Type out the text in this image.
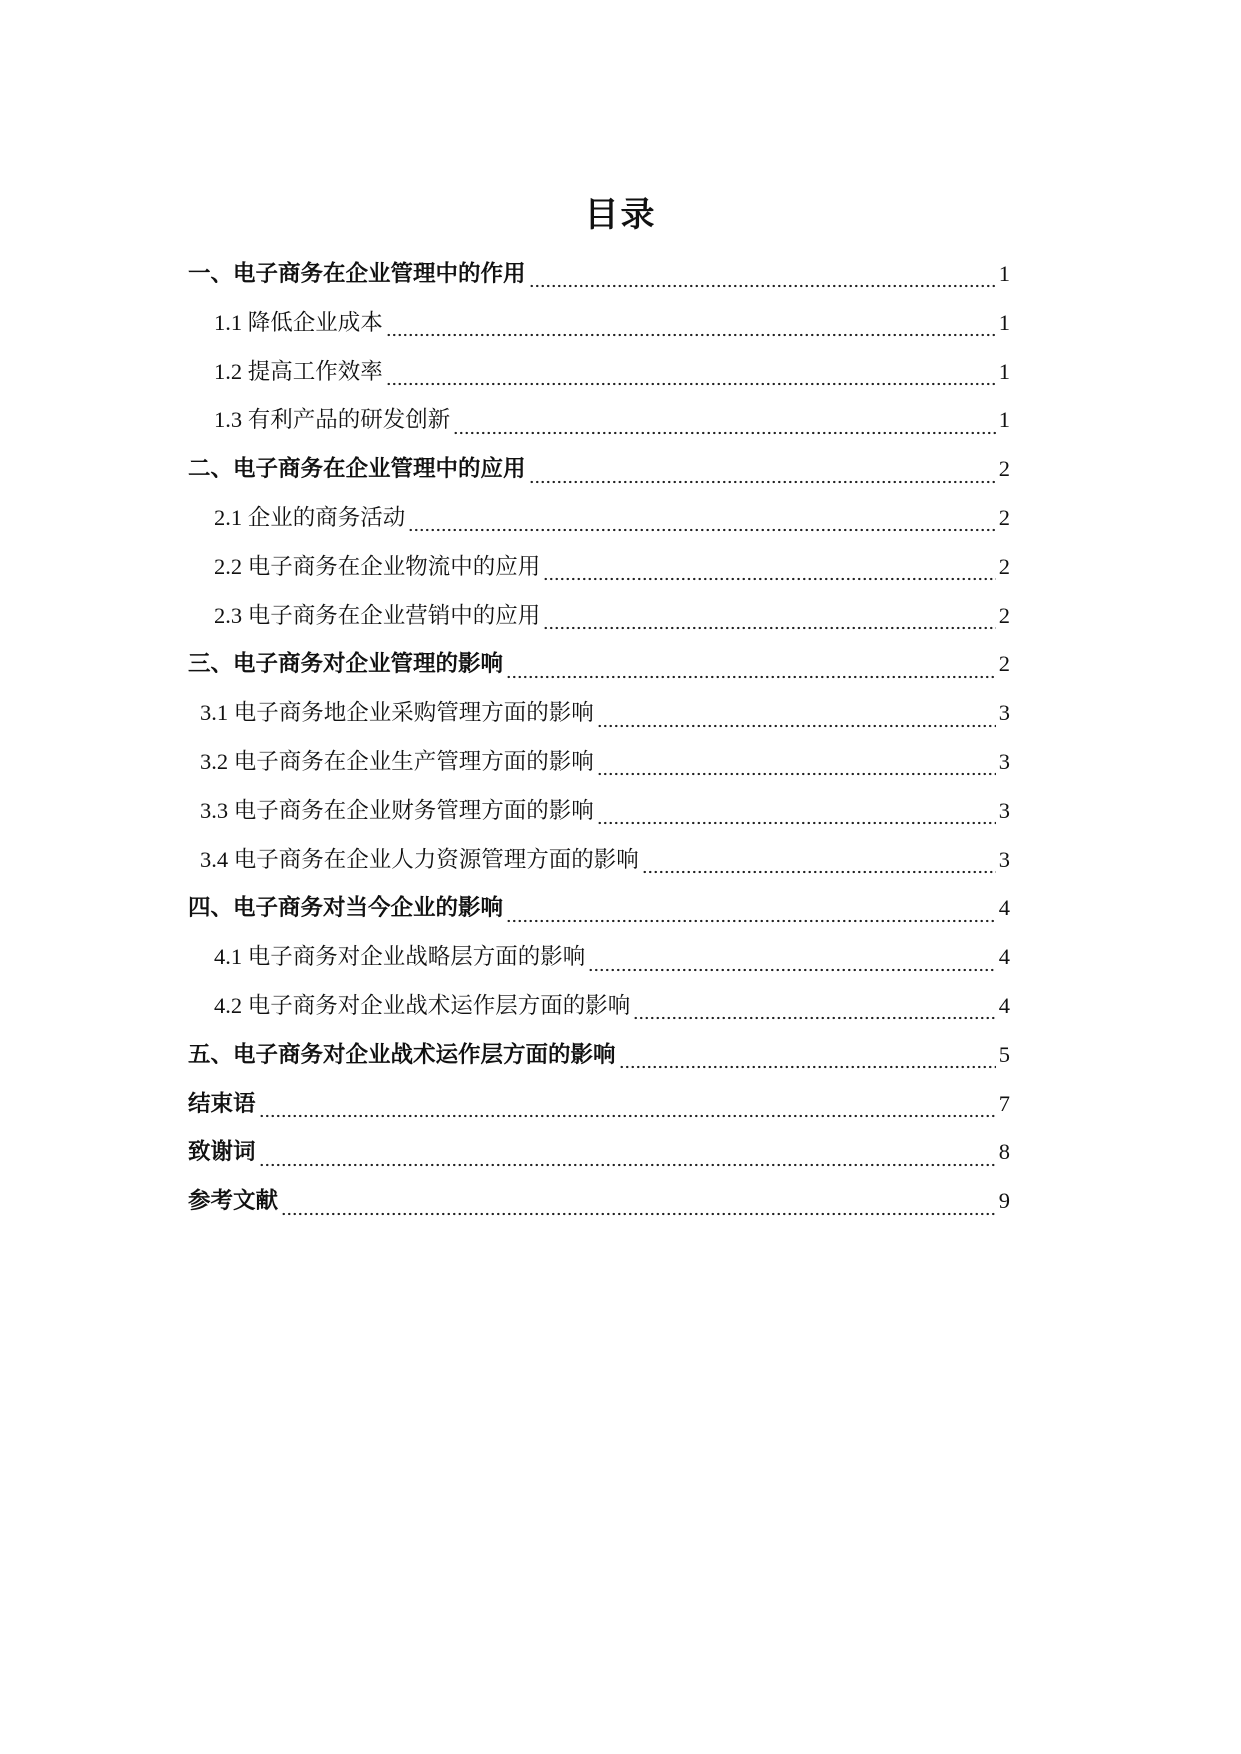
目录
一、电子商务在企业管理中的作用	1
1.1 降低企业成本	1
1.2 提高工作效率	1
1.3 有利产品的研发创新	1
二、电子商务在企业管理中的应用	2
2.1 企业的商务活动	2
2.2 电子商务在企业物流中的应用	2
2.3 电子商务在企业营销中的应用	2
三、电子商务对企业管理的影响	2
3.1 电子商务地企业采购管理方面的影响	3
3.2 电子商务在企业生产管理方面的影响	3
3.3 电子商务在企业财务管理方面的影响	3
3.4 电子商务在企业人力资源管理方面的影响	3
四、电子商务对当今企业的影响	4
4.1 电子商务对企业战略层方面的影响	4
4.2 电子商务对企业战术运作层方面的影响	4
五、电子商务对企业战术运作层方面的影响	5
结束语	7
致谢词	8
参考文献	9
